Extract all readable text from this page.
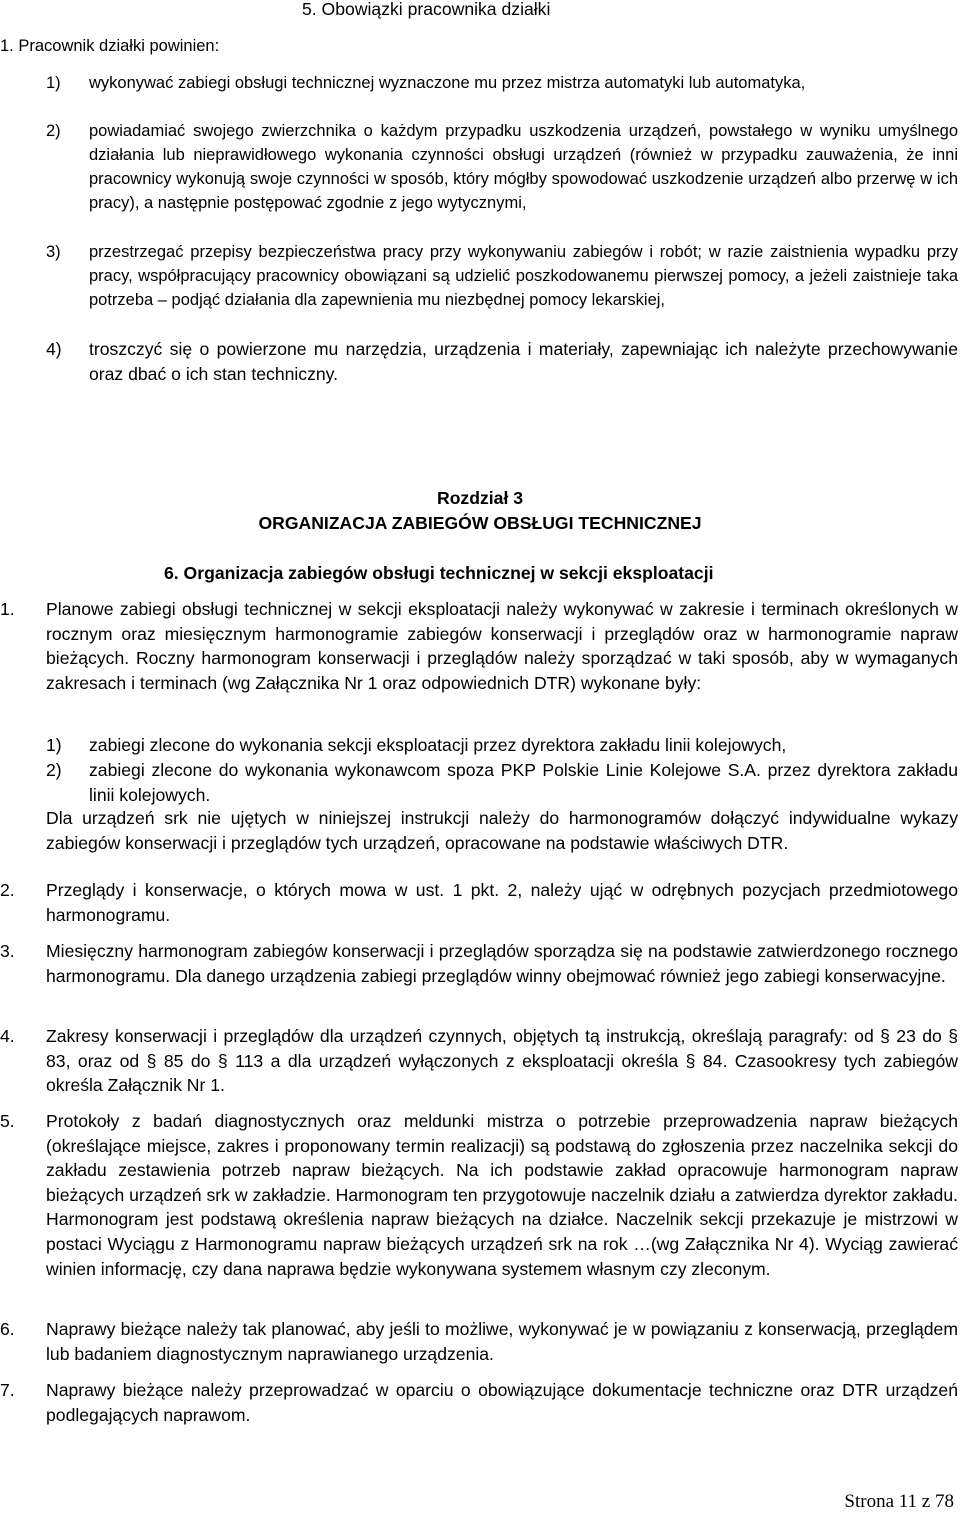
1. Pracownik działki powinien:
5. Obowiązki pracownika działki
1) wykonywać zabiegi obsługi technicznej wyznaczone mu przez mistrza automatyki lub automatyka,
2) powiadamiać swojego zwierzchnika o każdym przypadku uszkodzenia urządzeń, powstałego w wyniku umyślnego działania lub nieprawidłowego wykonania czynności obsługi urządzeń (również w przypadku zauważenia, że inni pracownicy wykonują swoje czynności w sposób, który mógłby spowodować uszkodzenie urządzeń albo przerwę w ich pracy), a następnie postępować zgodnie z jego wytycznymi,
3) przestrzegać przepisy bezpieczeństwa pracy przy wykonywaniu zabiegów i robót; w razie zaistnienia wypadku przy pracy, współpracujący pracownicy obowiązani są udzielić poszkodowanemu pierwszej pomocy, a jeżeli zaistnieje taka potrzeba – podjąć działania dla zapewnienia mu niezbędnej pomocy lekarskiej,
4) troszczyć się o powierzone mu narzędzia, urządzenia i materiały, zapewniając ich należyte przechowywanie oraz dbać o ich stan techniczny.
Rozdział 3
ORGANIZACJA ZABIEGÓW OBSŁUGI TECHNICZNEJ
6. Organizacja zabiegów obsługi technicznej w sekcji eksploatacji
1. Planowe zabiegi obsługi technicznej w sekcji eksploatacji należy wykonywać w zakresie i terminach określonych w rocznym oraz miesięcznym harmonogramie zabiegów konserwacji i przeglądów oraz w harmonogramie napraw bieżących. Roczny harmonogram konserwacji i przeglądów należy sporządzać w taki sposób, aby w wymaganych zakresach i terminach (wg Załącznika Nr 1 oraz odpowiednich DTR) wykonane były:
1) zabiegi zlecone do wykonania sekcji eksploatacji przez dyrektora zakładu linii kolejowych,
2) zabiegi zlecone do wykonania wykonawcom spoza PKP Polskie Linie Kolejowe S.A. przez dyrektora zakładu linii kolejowych.
Dla urządzeń srk nie ujętych w niniejszej instrukcji należy do harmonogramów dołączyć indywidualne wykazy zabiegów konserwacji i przeglądów tych urządzeń, opracowane na podstawie właściwych DTR.
2. Przeglądy i konserwacje, o których mowa w ust. 1 pkt. 2, należy ująć w odrębnych pozycjach przedmiotowego harmonogramu.
3. Miesięczny harmonogram zabiegów konserwacji i przeglądów sporządza się na podstawie zatwierdzonego rocznego harmonogramu. Dla danego urządzenia zabiegi przeglądów winny obejmować również jego zabiegi konserwacyjne.
4. Zakresy konserwacji i przeglądów dla urządzeń czynnych, objętych tą instrukcją, określają paragrafy: od § 23 do § 83, oraz od § 85 do § 113 a dla urządzeń wyłączonych z eksploatacji określa § 84. Czasookresy tych zabiegów określa Załącznik Nr 1.
5. Protokoły z badań diagnostycznych oraz meldunki mistrza o potrzebie przeprowadzenia napraw bieżących (określające miejsce, zakres i proponowany termin realizacji) są podstawą do zgłoszenia przez naczelnika sekcji do zakładu zestawienia potrzeb napraw bieżących. Na ich podstawie zakład opracowuje harmonogram napraw bieżących urządzeń srk w zakładzie. Harmonogram ten przygotowuje naczelnik działu a zatwierdza dyrektor zakładu. Harmonogram jest podstawą określenia napraw bieżących na działce. Naczelnik sekcji przekazuje je mistrzowi w postaci Wyciągu z Harmonogramu napraw bieżących urządzeń srk na rok …(wg Załącznika Nr 4). Wyciąg zawierać winien informację, czy dana naprawa będzie wykonywana systemem własnym czy zleconym.
6. Naprawy bieżące należy tak planować, aby jeśli to możliwe, wykonywać je w powiązaniu z konserwacją, przeglądem lub badaniem diagnostycznym naprawianego urządzenia.
7. Naprawy bieżące należy przeprowadzać w oparciu o obowiązujące dokumentacje techniczne oraz DTR urządzeń podlegających naprawom.
Strona 11 z 78
